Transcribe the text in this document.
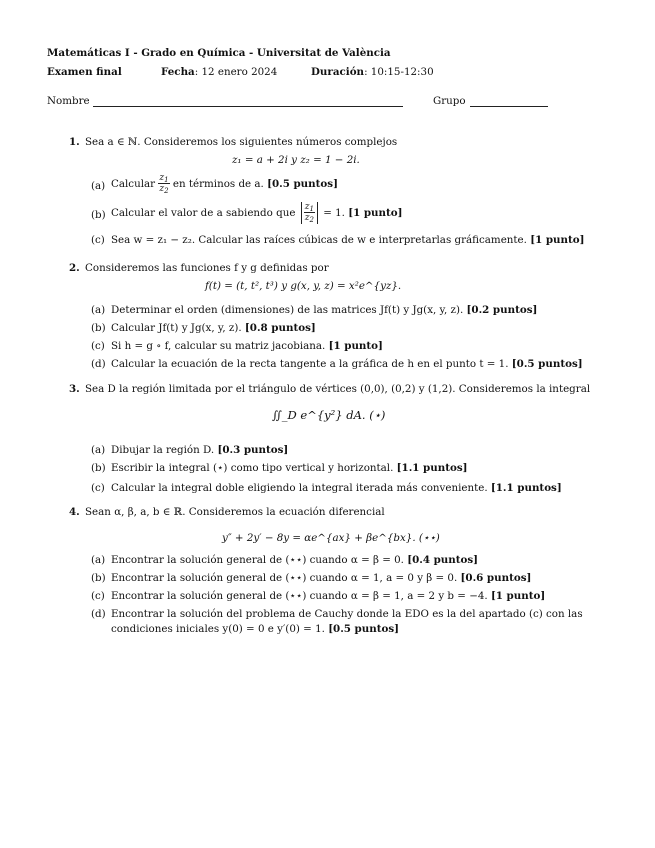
Matemáticas I - Grado en Química - Universitat de València
Examen final	Fecha: 12 enero 2024	Duración: 10:15-12:30
Nombre	Grupo
1. Sea a ∈ ℕ. Consideremos los siguientes números complejos
z₁ = a + 2i y z₂ = 1 − 2i.
(a) Calcular $\frac{z_1}{z_2}$ en términos de a. [0.5 puntos]
(b) Calcular el valor de a sabiendo que $\frac{z_1}{z_2} = 1$. [1 punto]
(c) Sea w = z₁ − z₂. Calcular las raíces cúbicas de w e interpretarlas gráficamente. [1 punto]
2. Consideremos las funciones f y g definidas por
f(t) = (t, t², t³) y g(x, y, z) = x²e^{yz}.
(a) Determinar el orden (dimensiones) de las matrices Jf(t) y Jg(x, y, z). [0.2 puntos]
(b) Calcular Jf(t) y Jg(x, y, z). [0.8 puntos]
(c) Si h = g ∘ f, calcular su matriz jacobiana. [1 punto]
(d) Calcular la ecuación de la recta tangente a la gráfica de h en el punto t = 1. [0.5 puntos]
3. Sea D la región limitada por el triángulo de vértices (0,0), (0,2) y (1,2). Consideremos la integral
∬_D e^{y²} dA. (⋆)
(a) Dibujar la región D. [0.3 puntos]
(b) Escribir la integral (⋆) como tipo vertical y horizontal. [1.1 puntos]
(c) Calcular la integral doble eligiendo la integral iterada más conveniente. [1.1 puntos]
4. Sean α, β, a, b ∈ ℝ. Consideremos la ecuación diferencial
y″ + 2y′ − 8y = αe^{ax} + βe^{bx}. (⋆⋆)
(a) Encontrar la solución general de (⋆⋆) cuando α = β = 0. [0.4 puntos]
(b) Encontrar la solución general de (⋆⋆) cuando α = 1, a = 0 y β = 0. [0.6 puntos]
(c) Encontrar la solución general de (⋆⋆) cuando α = β = 1, a = 2 y b = −4. [1 punto]
(d) Encontrar la solución del problema de Cauchy donde la EDO es la del apartado (c) con las
condiciones iniciales y(0) = 0 e y′(0) = 1. [0.5 puntos]
